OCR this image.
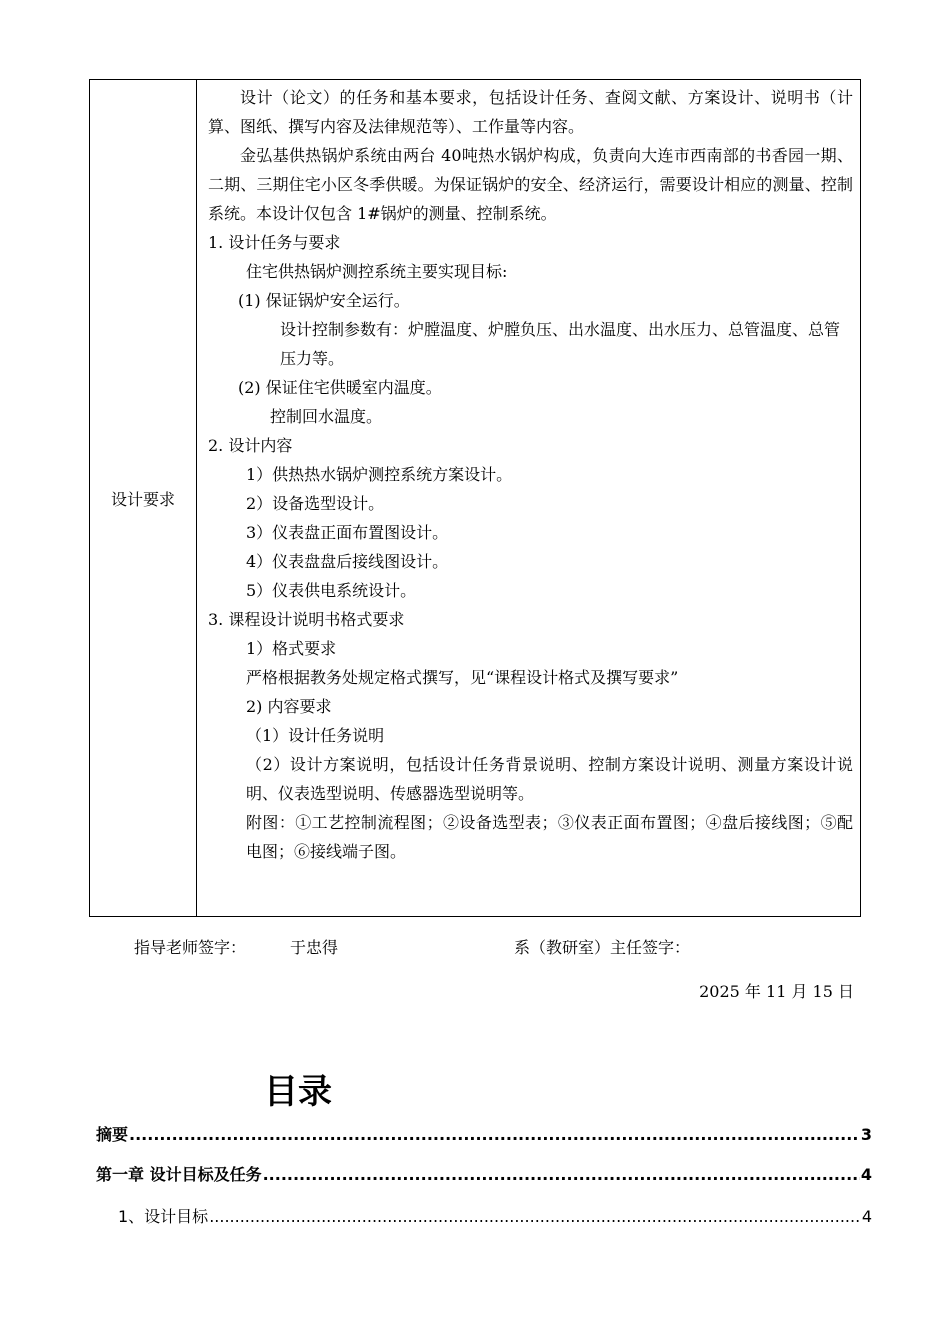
设计要求

设计（论文）的任务和基本要求，包括设计任务、查阅文献、方案设计、说明书（计算、图纸、撰写内容及法律规范等）、工作量等内容。

金弘基供热锅炉系统由两台 40吨热水锅炉构成，负责向大连市西南部的书香园一期、二期、三期住宅小区冬季供暖。为保证锅炉的安全、经济运行，需要设计相应的测量、控制系统。本设计仅包含 1#锅炉的测量、控制系统。

1. 设计任务与要求

住宅供热锅炉测控系统主要实现目标:

(1) 保证锅炉安全运行。

设计控制参数有：炉膛温度、炉膛负压、出水温度、出水压力、总管温度、总管压力等。

(2) 保证住宅供暖室内温度。

控制回水温度。

2. 设计内容

1）供热热水锅炉测控系统方案设计。

2）设备选型设计。

3）仪表盘正面布置图设计。

4）仪表盘盘后接线图设计。

5）仪表供电系统设计。

3. 课程设计说明书格式要求

1）格式要求

严格根据教务处规定格式撰写，见“课程设计格式及撰写要求”

2) 内容要求

（1）设计任务说明

（2）设计方案说明，包括设计任务背景说明、控制方案设计说明、测量方案设计说明、仪表选型说明、传感器选型说明等。

附图：①工艺控制流程图；②设备选型表；③仪表正面布置图；④盘后接线图；⑤配电图；⑥接线端子图。

指导老师签字：	于忠得	系（教研室）主任签字：
2025 年 11 月 15 日
目录
摘要 .....	3
第一章 设计目标及任务 .....	4
1、设计目标 .....	4
